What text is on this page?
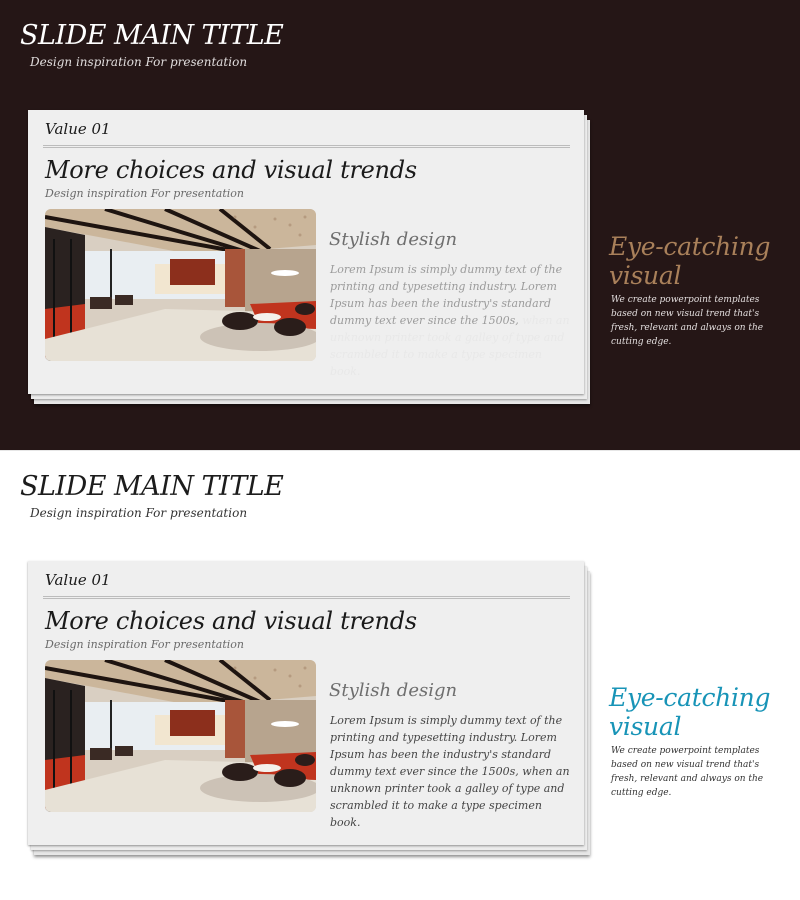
SLIDE MAIN TITLE
Design inspiration For presentation
Value 01
More choices and visual trends
Design inspiration For presentation
Stylish design
Lorem Ipsum is simply dummy text of the printing and typesetting industry. Lorem Ipsum has been the industry's standard dummy text ever since the 1500s, when an unknown printer took a galley of type and scrambled it to make a type specimen book.
Eye-catching visual
We create powerpoint templates based on new visual trend that's fresh, relevant and always on the cutting edge.
SLIDE MAIN TITLE
Design inspiration For presentation
Value 01
More choices and visual trends
Design inspiration For presentation
Stylish design
Lorem Ipsum is simply dummy text of the printing and typesetting industry. Lorem Ipsum has been the industry's standard dummy text ever since the 1500s, when an unknown printer took a galley of type and scrambled it to make a type specimen book.
Eye-catching visual
We create powerpoint templates based on new visual trend that's fresh, relevant and always on the cutting edge.
